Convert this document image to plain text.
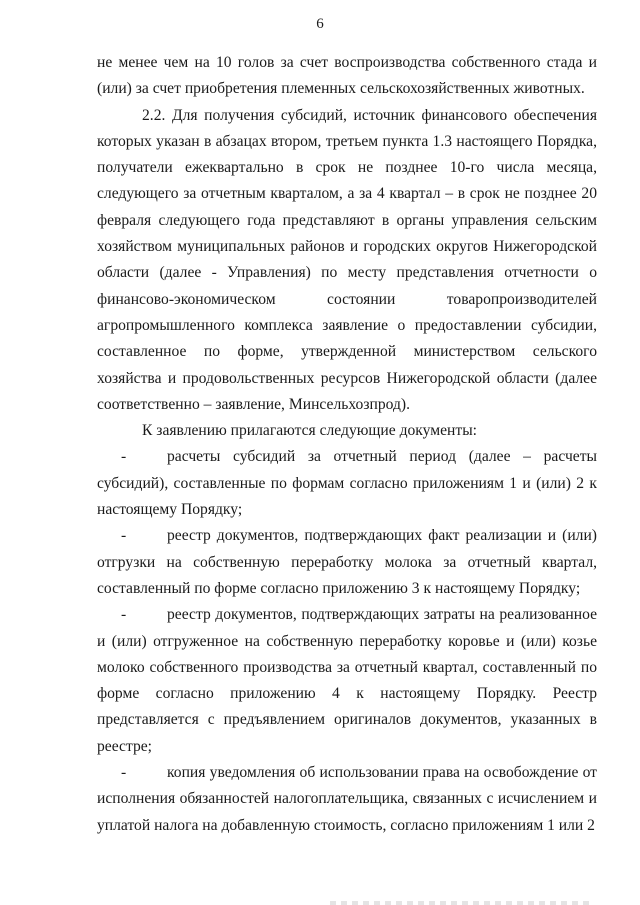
6

не менее чем на 10 голов за счет воспроизводства собственного стада и (или) за счет приобретения племенных сельскохозяйственных животных.

2.2. Для получения субсидий, источник финансового обеспечения которых указан в абзацах втором, третьем пункта 1.3 настоящего Порядка, получатели ежеквартально в срок не позднее 10-го числа месяца, следующего за отчетным кварталом, а за 4 квартал – в срок не позднее 20 февраля следующего года представляют в органы управления сельским хозяйством муниципальных районов и городских округов Нижегородской области (далее - Управления) по месту представления отчетности о финансово-экономическом состоянии товаропроизводителей агропромышленного комплекса заявление о предоставлении субсидии, составленное по форме, утвержденной министерством сельского хозяйства и продовольственных ресурсов Нижегородской области (далее соответственно – заявление, Минсельхозпрод).

К заявлению прилагаются следующие документы:

-	расчеты субсидий за отчетный период (далее – расчеты субсидий), составленные по формам согласно приложениям 1 и (или) 2 к настоящему Порядку;

-	реестр документов, подтверждающих факт реализации и (или) отгрузки на собственную переработку молока за отчетный квартал, составленный по форме согласно приложению 3 к настоящему Порядку;

-	реестр документов, подтверждающих затраты на реализованное и (или) отгруженное на собственную переработку коровье и (или) козье молоко собственного производства за отчетный квартал, составленный по форме согласно приложению 4 к настоящему Порядку. Реестр представляется с предъявлением оригиналов документов, указанных в реестре;

-	копия уведомления об использовании права на освобождение от исполнения обязанностей налогоплательщика, связанных с исчислением и уплатой налога на добавленную стоимость, согласно приложениям 1 или 2
